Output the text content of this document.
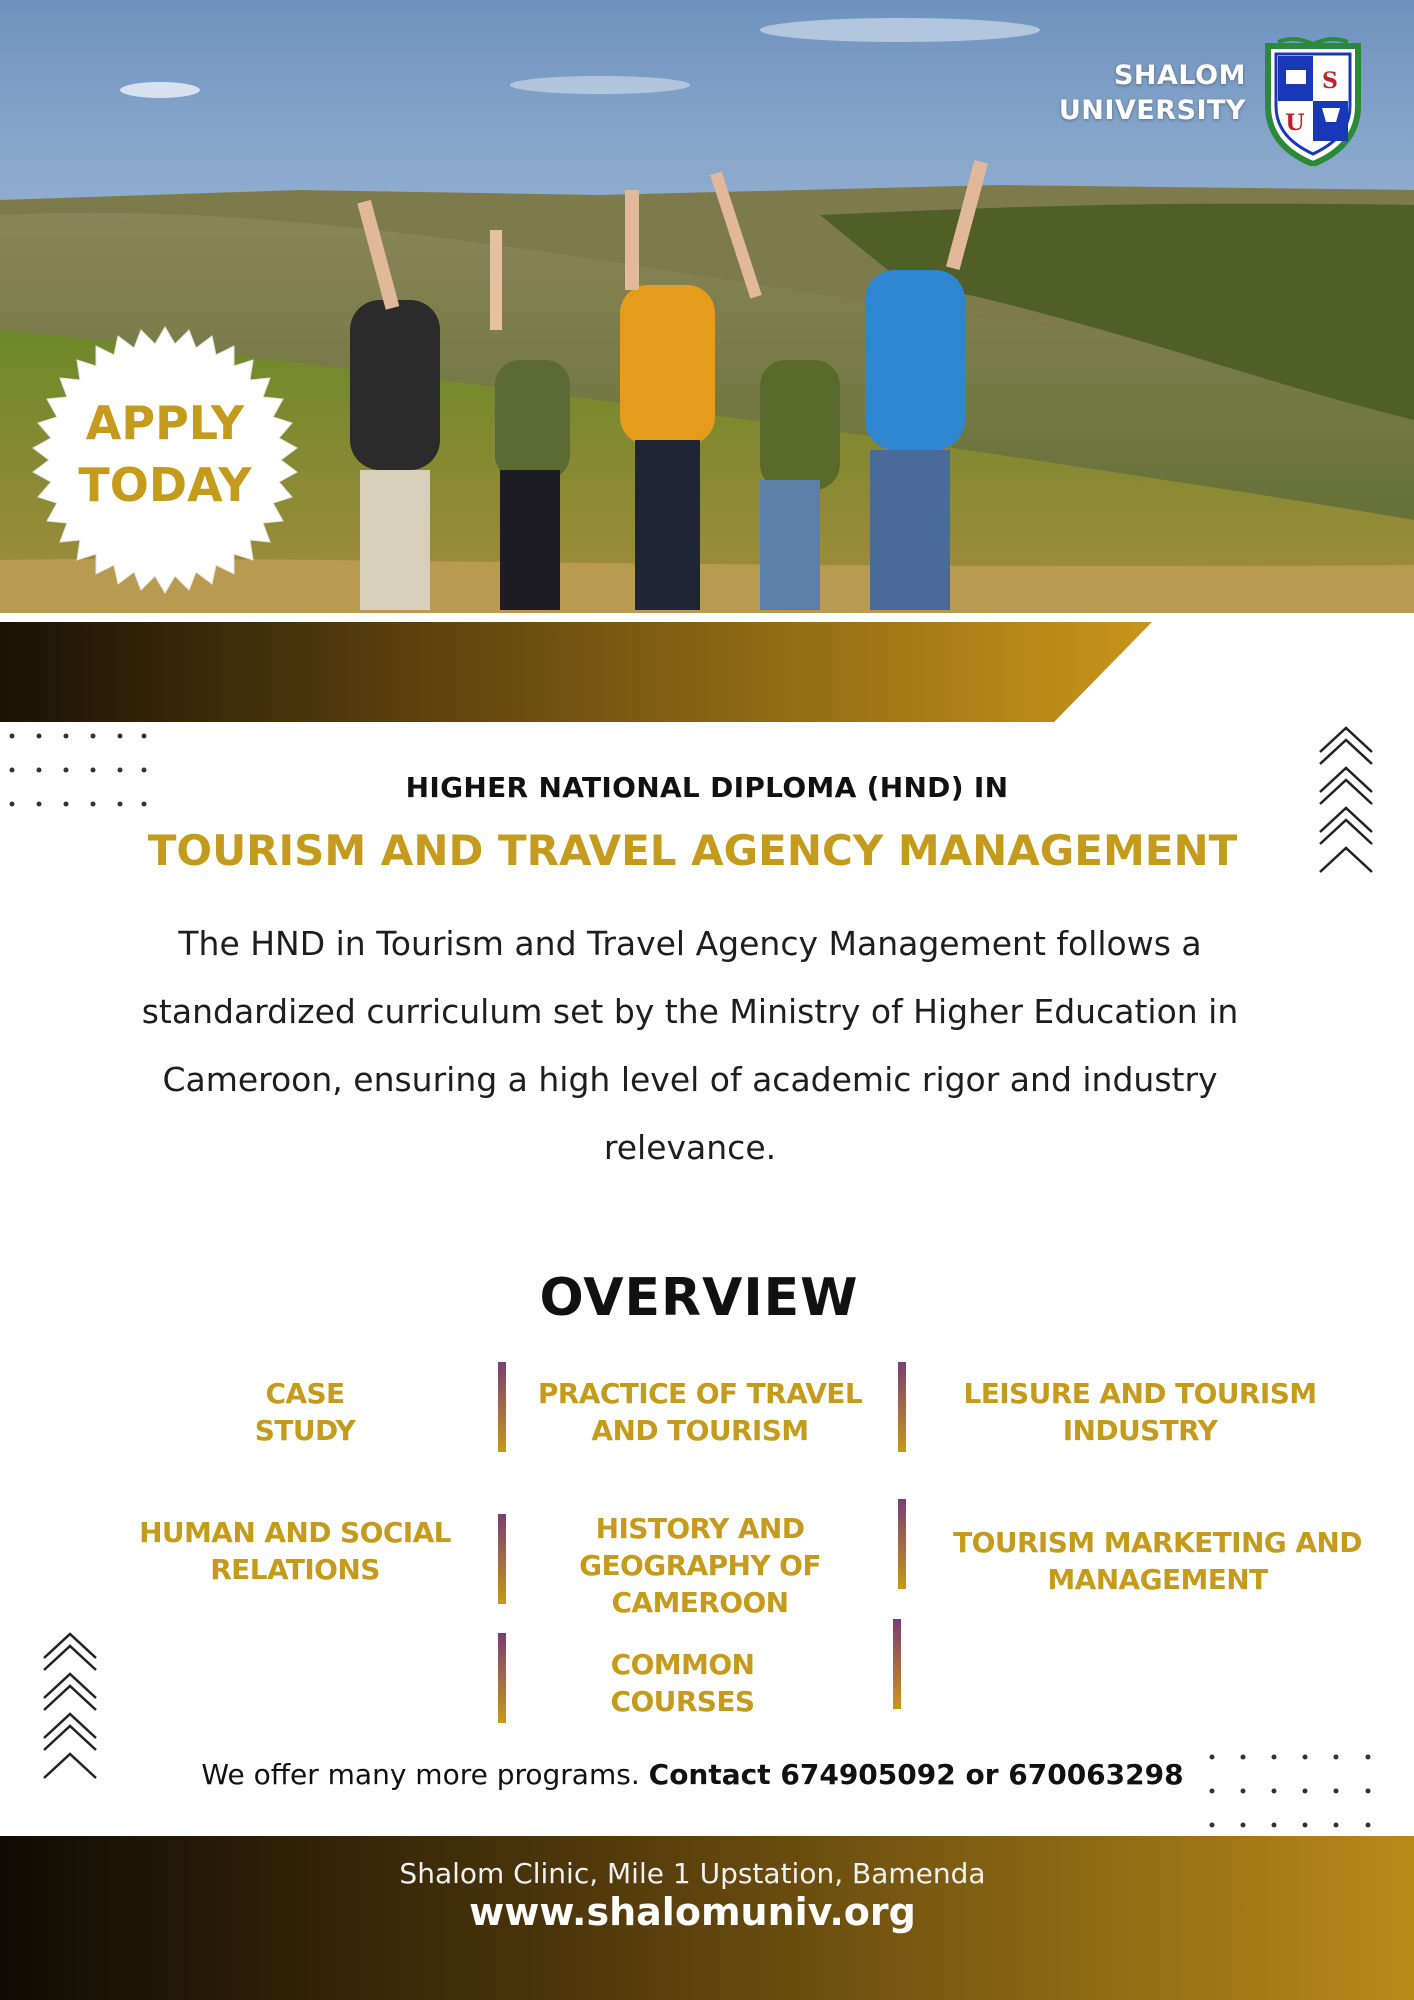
SHALOM
UNIVERSITY
S
U
APPLY
TODAY
HIGHER NATIONAL DIPLOMA (HND) IN
TOURISM AND TRAVEL AGENCY MANAGEMENT
The HND in Tourism and Travel Agency Management follows a standardized curriculum set by the Ministry of Higher Education in Cameroon, ensuring a high level of academic rigor and industry relevance.
OVERVIEW
CASE
STUDY
PRACTICE OF TRAVEL
AND TOURISM
LEISURE AND TOURISM
INDUSTRY
HUMAN AND SOCIAL
RELATIONS
HISTORY AND
GEOGRAPHY OF
CAMEROON
TOURISM MARKETING AND
MANAGEMENT
COMMON
COURSES
We offer many more programs. Contact 674905092 or 670063298
Shalom Clinic, Mile 1 Upstation, Bamenda
www.shalomuniv.org
